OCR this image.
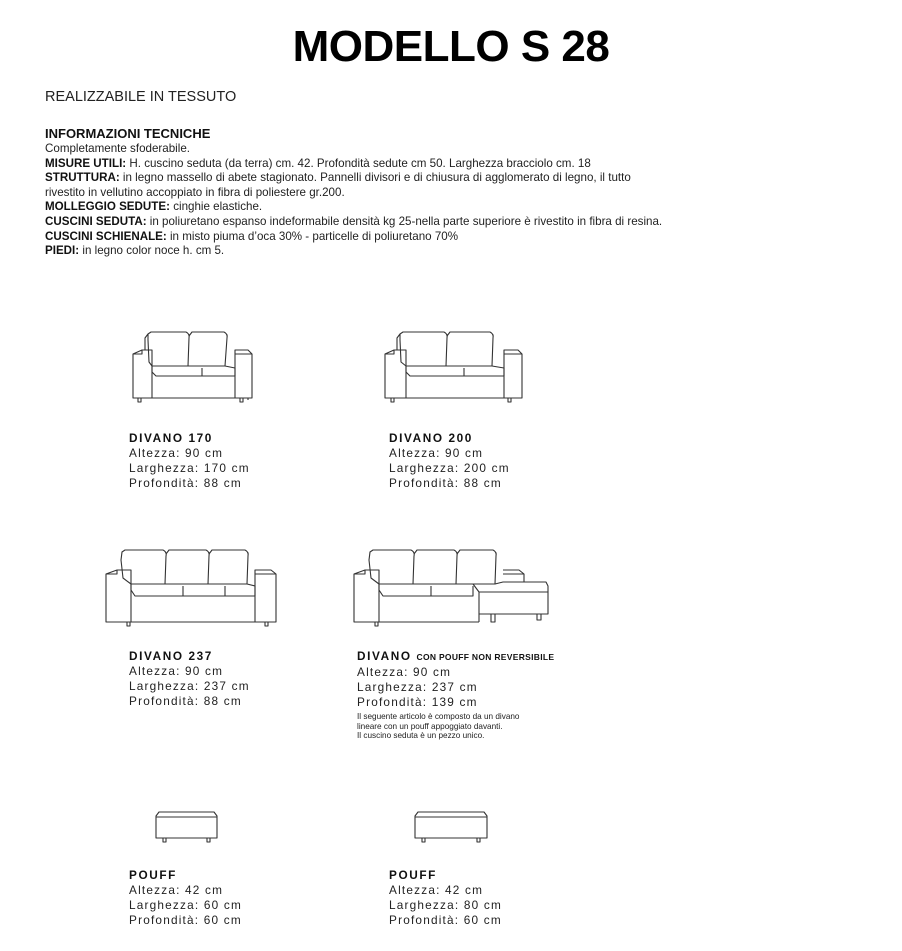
MODELLO S 28
REALIZZABILE IN TESSUTO
INFORMAZIONI TECNICHE
Completamente sfoderabile.
MISURE UTILI: H. cuscino seduta (da terra) cm. 42. Profondità sedute cm 50. Larghezza bracciolo cm. 18
STRUTTURA: in legno massello di abete stagionato. Pannelli divisori e di chiusura di agglomerato di legno, il tutto
rivestito in vellutino accoppiato in fibra di poliestere gr.200.
MOLLEGGIO SEDUTE: cinghie elastiche.
CUSCINI SEDUTA: in poliuretano espanso indeformabile densità kg 25-nella parte superiore è rivestito in fibra di resina.
CUSCINI SCHIENALE: in misto piuma d’oca 30% - particelle di poliuretano 70%
PIEDI: in legno color noce h. cm 5.
DIVANO 170
Altezza: 90 cm
Larghezza: 170 cm
Profondità: 88 cm
DIVANO 200
Altezza: 90 cm
Larghezza: 200 cm
Profondità: 88 cm
DIVANO 237
Altezza: 90 cm
Larghezza: 237 cm
Profondità: 88 cm
DIVANO CON POUFF NON REVERSIBILE
Altezza: 90 cm
Larghezza: 237 cm
Profondità: 139 cm
Il seguente articolo è composto da un divano
lineare con un pouff appoggiato davanti.
Il cuscino seduta è un pezzo unico.
POUFF
Altezza: 42 cm
Larghezza: 60 cm
Profondità: 60 cm
POUFF
Altezza: 42 cm
Larghezza: 80 cm
Profondità: 60 cm
